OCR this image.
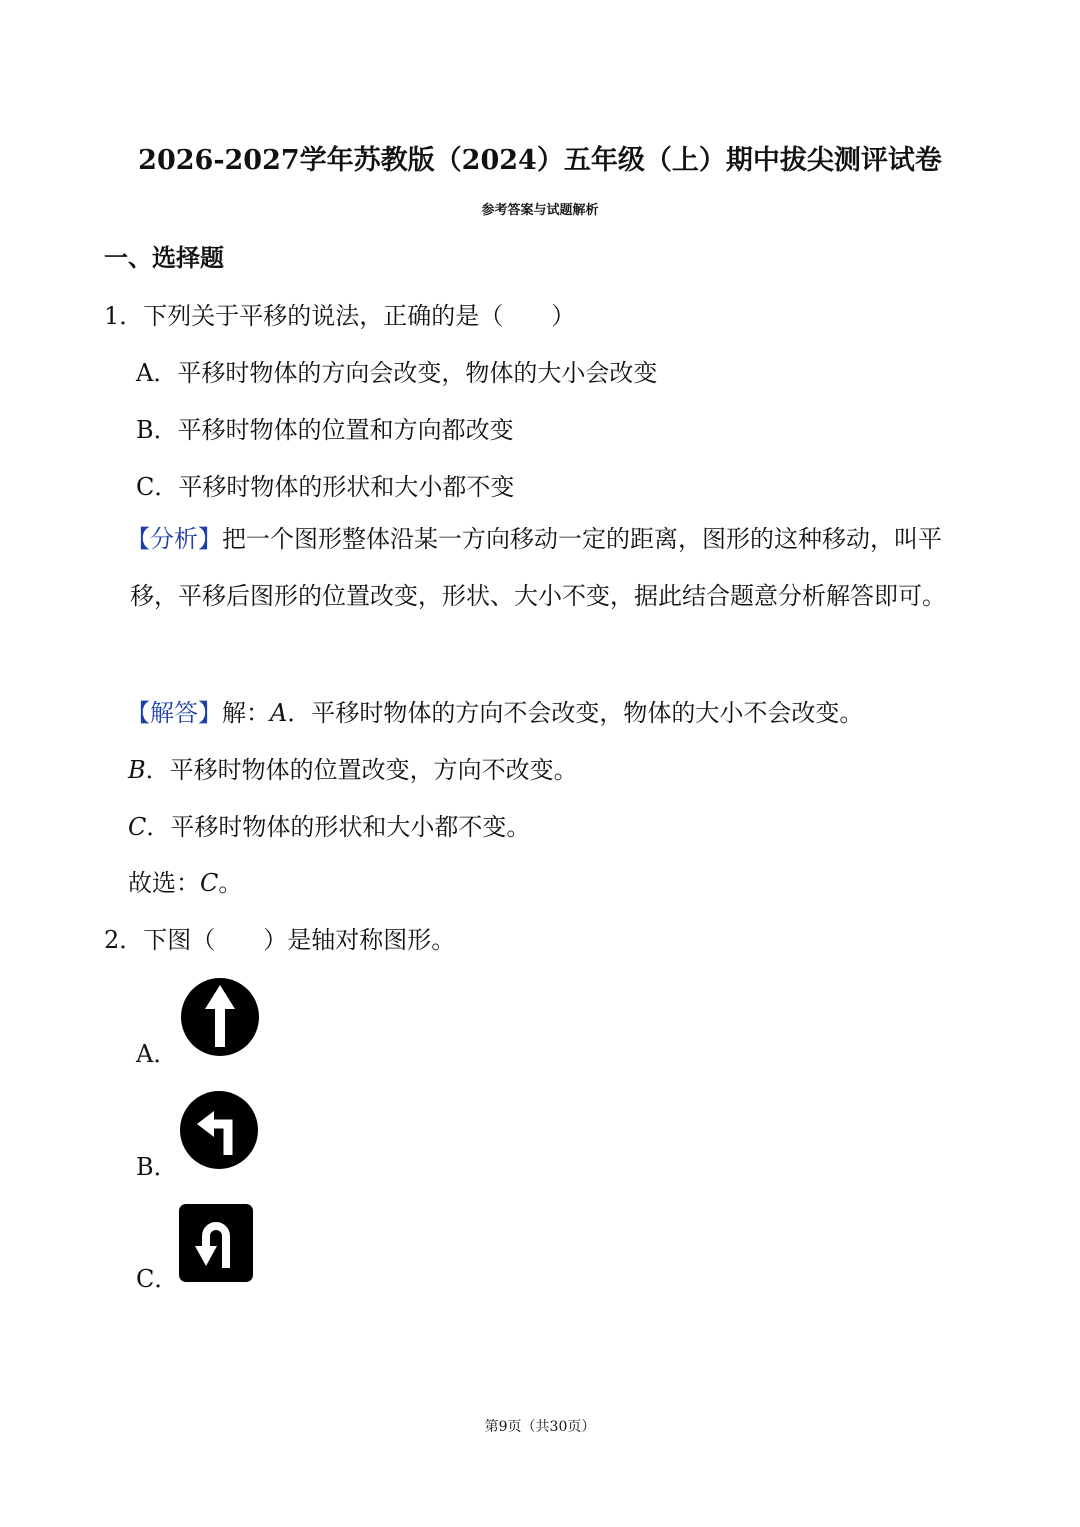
2026-2027学年苏教版（2024）五年级（上）期中拔尖测评试卷
参考答案与试题解析
一、选择题
1．下列关于平移的说法，正确的是（　　）
A．平移时物体的方向会改变，物体的大小会改变
B．平移时物体的位置和方向都改变
C．平移时物体的形状和大小都不变
【分析】把一个图形整体沿某一方向移动一定的距离，图形的这种移动，叫平移，平移后图形的位置改变，形状、大小不变，据此结合题意分析解答即可。
【解答】解：A．平移时物体的方向不会改变，物体的大小不会改变。
B．平移时物体的位置改变，方向不改变。
C．平移时物体的形状和大小都不变。
故选：C。
2．下图（　　）是轴对称图形。
A．
B．
C．
第9页（共30页）
